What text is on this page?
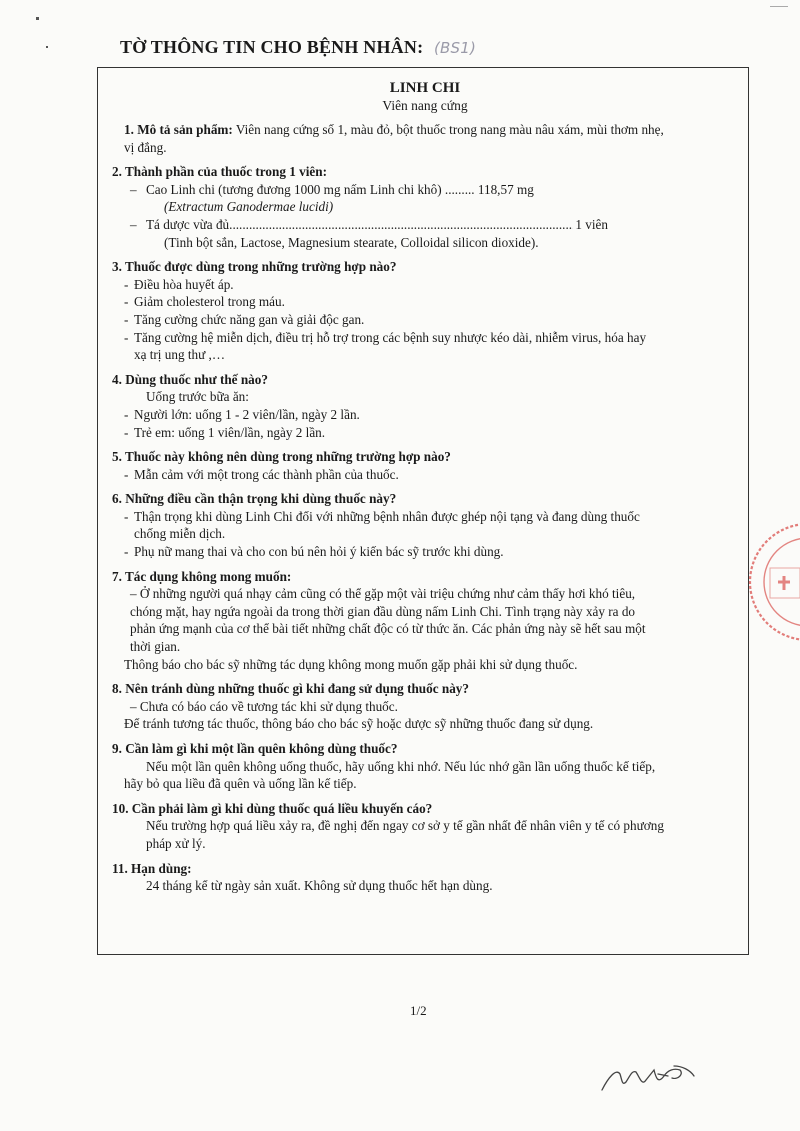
TỜ THÔNG TIN CHO BỆNH NHÂN: (BS1)
LINH CHI
Viên nang cứng

1. Mô tả sản phẩm: Viên nang cứng số 1, màu đỏ, bột thuốc trong nang màu nâu xám, mùi thơm nhẹ,

vị đắng.

2. Thành phần của thuốc trong 1 viên:

– Cao Linh chi (tương đương 1000 mg nấm Linh chi khô) ......... 118,57 mg

(Extractum Ganodermae lucidi)

– Tá dược vừa đủ
.....	1 viên

(Tinh bột sắn, Lactose, Magnesium stearate, Colloidal silicon dioxide).

3. Thuốc được dùng trong những trường hợp nào?

- Điều hòa huyết áp.

- Giảm cholesterol trong máu.

- Tăng cường chức năng gan và giải độc gan.

- Tăng cường hệ miễn dịch, điều trị hỗ trợ trong các bệnh suy nhược kéo dài, nhiễm virus, hóa hay

xạ trị ung thư ,…

4. Dùng thuốc như thế nào?

Uống trước bữa ăn:

- Người lớn: uống 1 - 2 viên/lần, ngày 2 lần.

- Trẻ em: uống 1 viên/lần, ngày 2 lần.

5. Thuốc này không nên dùng trong những trường hợp nào?

- Mẫn cảm với một trong các thành phần của thuốc.

6. Những điều cần thận trọng khi dùng thuốc này?

- Thận trọng khi dùng Linh Chi đối với những bệnh nhân được ghép nội tạng và đang dùng thuốc

chống miễn dịch.

- Phụ nữ mang thai và cho con bú nên hỏi ý kiến bác sỹ trước khi dùng.

7. Tác dụng không mong muốn:

– Ở những người quá nhạy cảm cũng có thể gặp một vài triệu chứng như cảm thấy hơi khó tiêu,

chóng mặt, hay ngứa ngoài da trong thời gian đầu dùng nấm Linh Chi. Tình trạng này xảy ra do

phản ứng mạnh của cơ thể bài tiết những chất độc có từ thức ăn. Các phản ứng này sẽ hết sau một

thời gian.

Thông báo cho bác sỹ những tác dụng không mong muốn gặp phải khi sử dụng thuốc.

8. Nên tránh dùng những thuốc gì khi đang sử dụng thuốc này?

– Chưa có báo cáo về tương tác khi sử dụng thuốc.

Để tránh tương tác thuốc, thông báo cho bác sỹ hoặc dược sỹ những thuốc đang sử dụng.

9. Cần làm gì khi một lần quên không dùng thuốc?

Nếu một lần quên không uống thuốc, hãy uống khi nhớ. Nếu lúc nhớ gần lần uống thuốc kế tiếp,

hãy bỏ qua liều đã quên và uống lần kế tiếp.

10. Cần phải làm gì khi dùng thuốc quá liều khuyến cáo?

Nếu trường hợp quá liều xảy ra, đề nghị đến ngay cơ sở y tế gần nhất để nhân viên y tế có phương

pháp xử lý.

11. Hạn dùng:

24 tháng kể từ ngày sản xuất. Không sử dụng thuốc hết hạn dùng.

1/2
